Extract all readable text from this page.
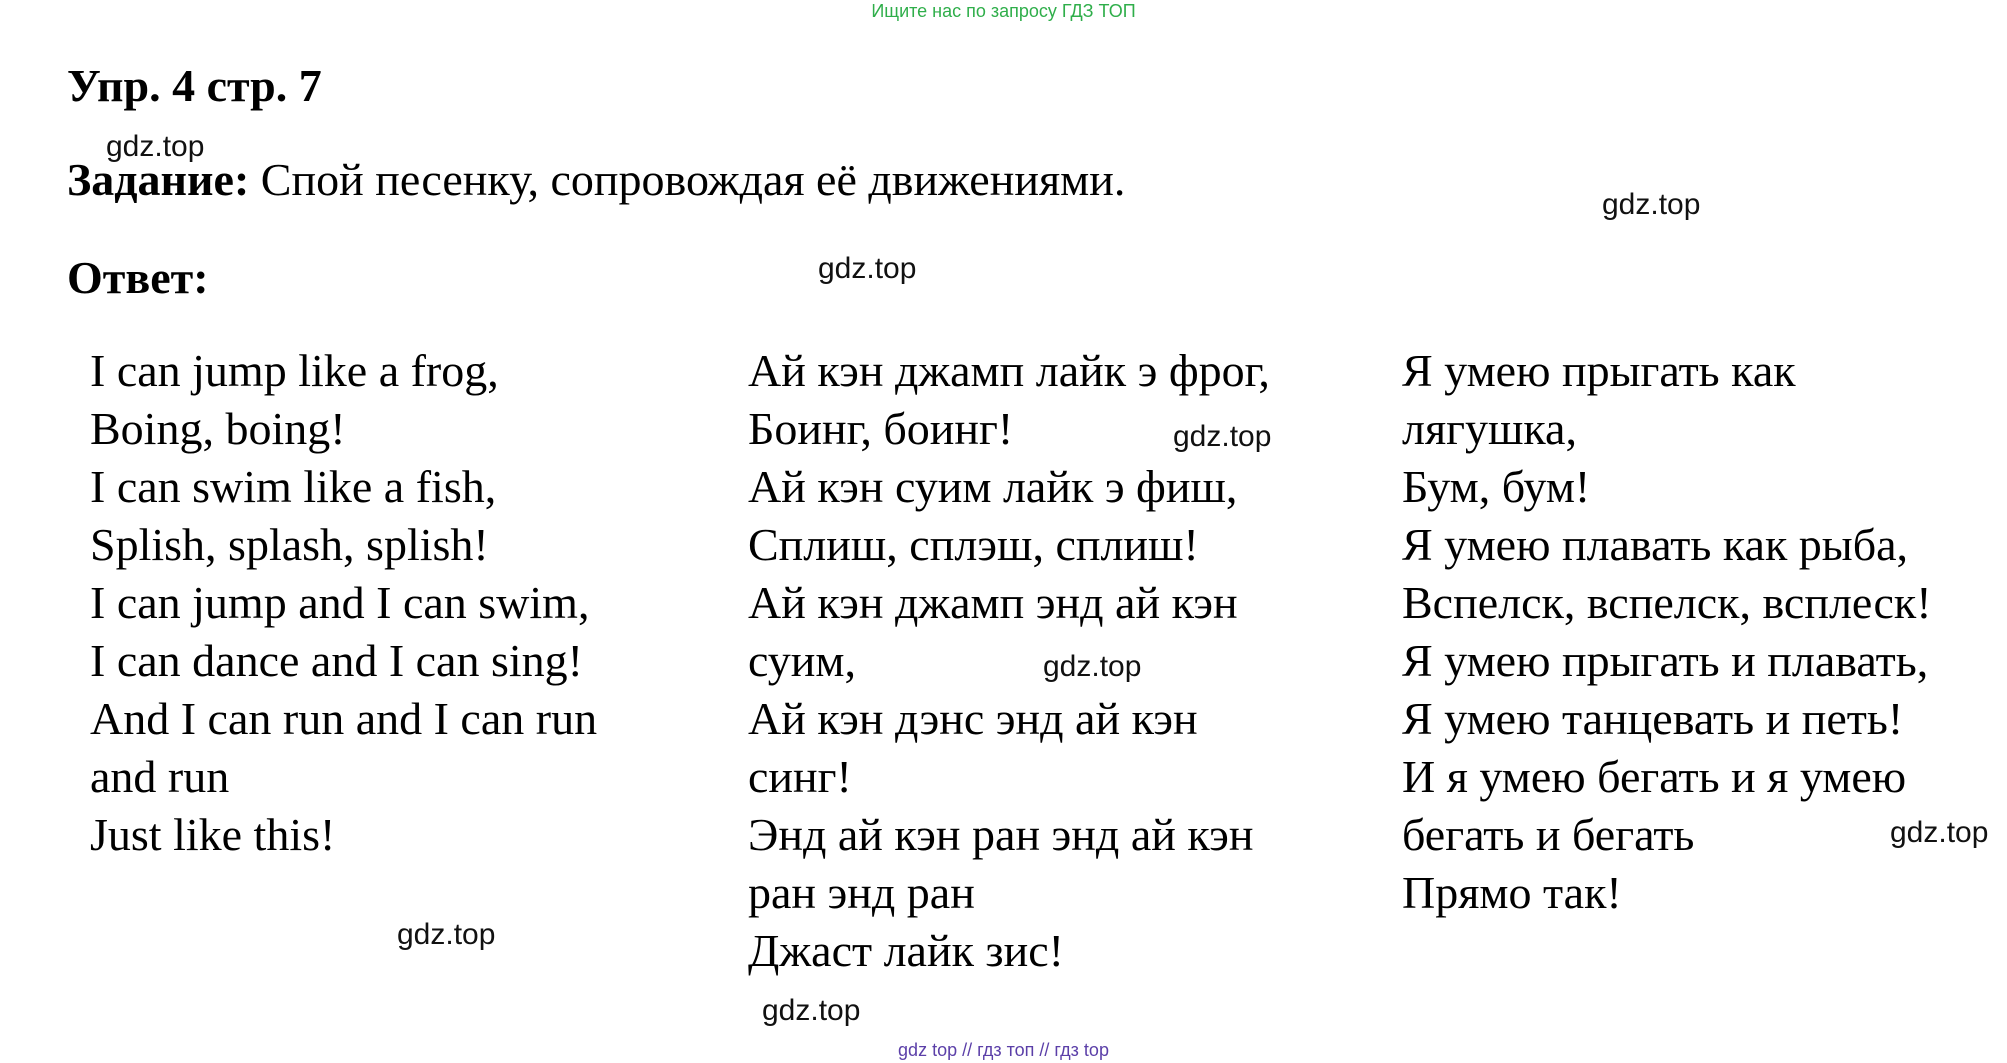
Ищите нас по запросу ГДЗ ТОП
Упр. 4 стр. 7
Задание: Спой песенку, сопровождая её движениями.
Ответ:
I can jump like a frog,
Boing, boing!
I can swim like a fish,
Splish, splash, splish!
I can jump and I can swim,
I can dance and I can sing!
And I can run and I can run
and run
Just like this!
Ай кэн джамп лайк э фрог,
Боинг, боинг!
Ай кэн суим лайк э фиш,
Сплиш, сплэш, сплиш!
Ай кэн джамп энд ай кэн
суим,
Ай кэн дэнс энд ай кэн
синг!
Энд ай кэн ран энд ай кэн
ран энд ран
Джаст лайк зис!
Я умею прыгать как
лягушка,
Бум, бум!
Я умею плавать как рыба,
Вспелск, вспелск, всплеск!
Я умею прыгать и плавать,
Я умею танцевать и петь!
И я умею бегать и я умею
бегать и бегать
Прямо так!
gdz.top
gdz.top
gdz.top
gdz.top
gdz.top
gdz.top
gdz.top
gdz.top
gdz top // гдз топ // гдз top
